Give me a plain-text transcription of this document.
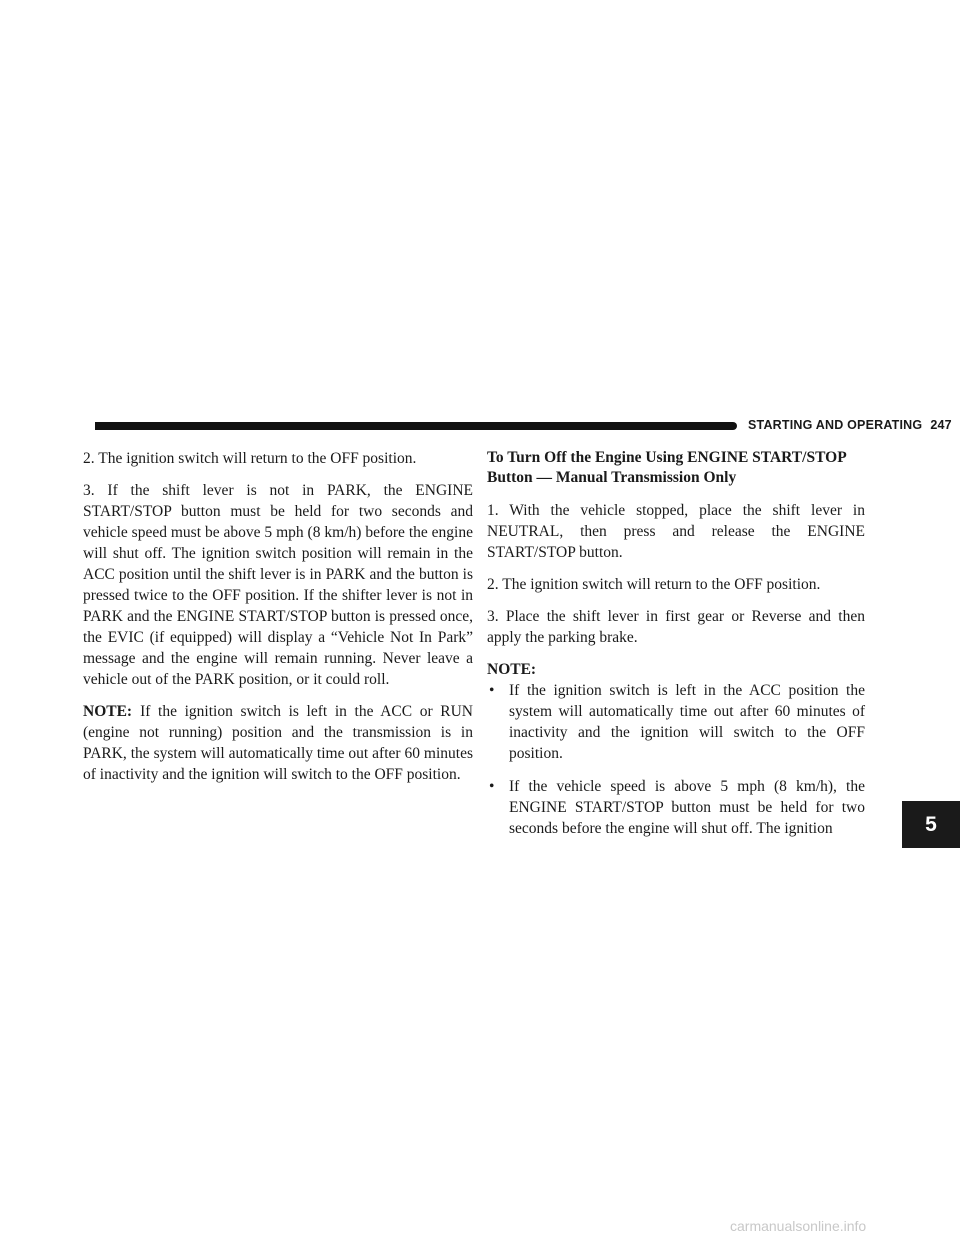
STARTING AND OPERATING 247

2. The ignition switch will return to the OFF position.

3. If the shift lever is not in PARK, the ENGINE START/STOP button must be held for two seconds and vehicle speed must be above 5 mph (8 km/h) before the engine will shut off. The ignition switch position will remain in the ACC position until the shift lever is in PARK and the button is pressed twice to the OFF position. If the shifter lever is not in PARK and the ENGINE START/STOP button is pressed once, the EVIC (if equipped) will display a “Vehicle Not In Park” message and the engine will remain running. Never leave a vehicle out of the PARK position, or it could roll.

NOTE: If the ignition switch is left in the ACC or RUN (engine not running) position and the transmission is in PARK, the system will automatically time out after 60 minutes of inactivity and the ignition will switch to the OFF position.

To Turn Off the Engine Using ENGINE START/STOP Button — Manual Transmission Only

1. With the vehicle stopped, place the shift lever in NEUTRAL, then press and release the ENGINE START/STOP button.

2. The ignition switch will return to the OFF position.

3. Place the shift lever in first gear or Reverse and then apply the parking brake.

NOTE:

• If the ignition switch is left in the ACC position the system will automatically time out after 60 minutes of inactivity and the ignition will switch to the OFF position.
• If the vehicle speed is above 5 mph (8 km/h), the ENGINE START/STOP button must be held for two seconds before the engine will shut off. The ignition	5
carmanualsonline.info
